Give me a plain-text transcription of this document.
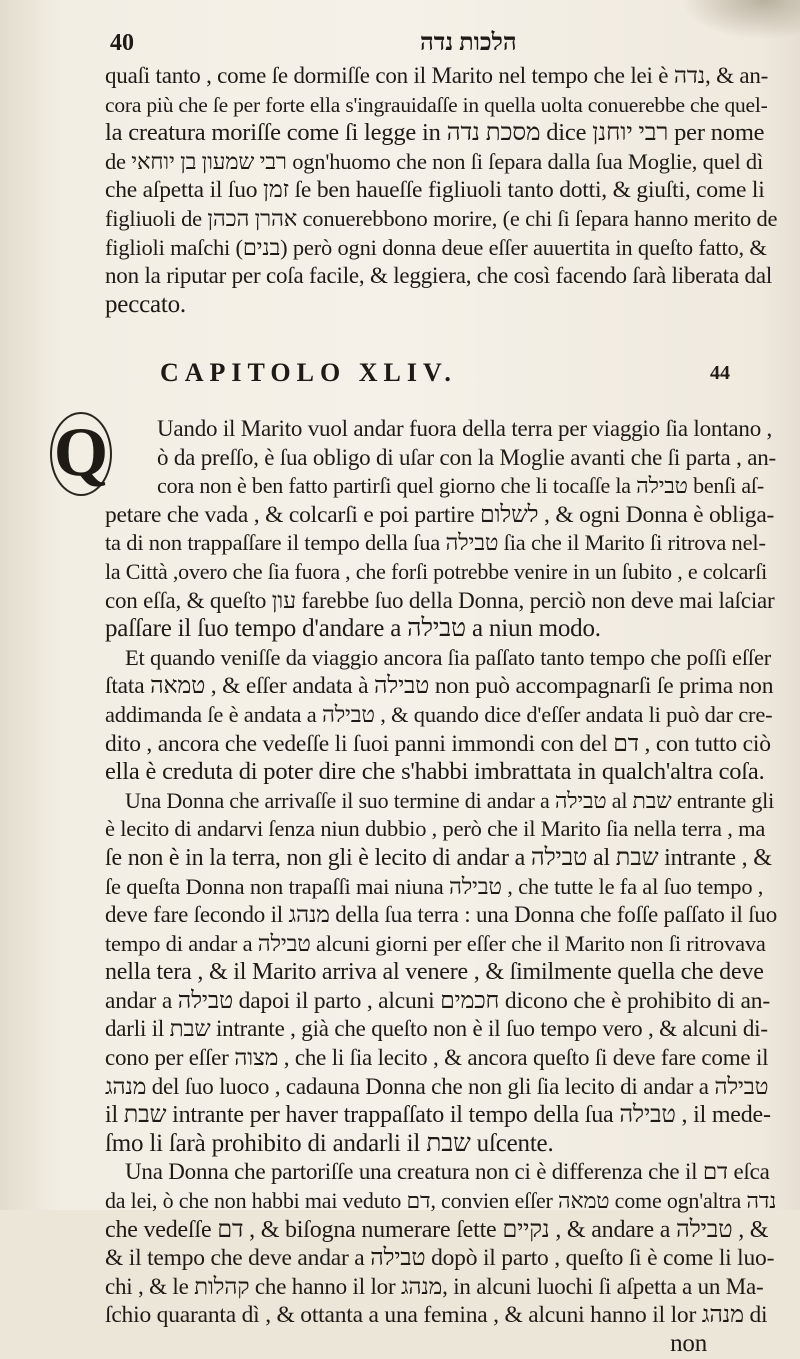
40	הלכות נדה
quaſi tanto , come ſe dormiſſe con il Marito nel tempo che lei è נדה, & an-
cora più che ſe per forte ella s'ingrauidaſſe in quella uolta conuerebbe che quel-
la creatura moriſſe come ſi legge in מסכת נדה dice רבי יוחנן per nome
de רבי שמעון בן יוחאי ogn'huomo che non ſi ſepara dalla ſua Moglie, quel dì
che aſpetta il ſuo זמן ſe ben haueſſe figliuoli tanto dotti, & giuſti, come li
figliuoli de אהרן הכהן conuerebbono morire, (e chi ſi ſepara hanno merito de
figlioli maſchi (בנים) però ogni donna deue eſſer auuertita in queſto fatto, &
non la riputar per coſa facile, & leggiera, che così facendo ſarà liberata dal
peccato.
CAPITOLO XLIV.	44
Q	Uando il Marito vuol andar fuora della terra per viaggio ſia lontano ,
ò da preſſo, è ſua obligo di uſar con la Moglie avanti che ſi parta , an-
cora non è ben fatto partirſi quel giorno che li tocaſſe la טבילה benſi aſ-
petare che vada , & colcarſi e poi partire לשלום , & ogni Donna è obliga-
ta di non trappaſſare il tempo della ſua טבילה ſia che il Marito ſi ritrova nel-
la Città ,overo che ſia fuora , che forſi potrebbe venire in un ſubito , e colcarſi
con eſſa, & queſto עון farebbe ſuo della Donna, perciò non deve mai laſciar
paſſare il ſuo tempo d'andare a טבילה a niun modo.
Et quando veniſſe da viaggio ancora ſia paſſato tanto tempo che poſſi eſſer
ſtata טמאה , & eſſer andata à טבילה non può accompagnarſi ſe prima non
addimanda ſe è andata a טבילה , & quando dice d'eſſer andata li può dar cre-
dito , ancora che vedeſſe li ſuoi panni immondi con del דם , con tutto ciò
ella è creduta di poter dire che s'habbi imbrattata in qualch'altra coſa.
Una Donna che arrivaſſe il suo termine di andar a טבילה al שבת entrante gli
è lecito di andarvi ſenza niun dubbio , però che il Marito ſia nella terra , ma
ſe non è in la terra, non gli è lecito di andar a טבילה al שבת intrante , &
ſe queſta Donna non trapaſſi mai niuna טבילה , che tutte le fa al ſuo tempo ,
deve fare ſecondo il מנהג della ſua terra : una Donna che foſſe paſſato il ſuo
tempo di andar a טבילה alcuni giorni per eſſer che il Marito non ſi ritrovava
nella tera , & il Marito arriva al venere , & ſimilmente quella che deve
andar a טבילה dapoi il parto , alcuni חכמים dicono che è prohibito di an-
darli il שבת intrante , già che queſto non è il ſuo tempo vero , & alcuni di-
cono per eſſer מצוה , che li ſia lecito , & ancora queſto ſi deve fare come il
מנהג del ſuo luoco , cadauna Donna che non gli ſia lecito di andar a טבילה
il שבת intrante per haver trappaſſato il tempo della ſua טבילה , il mede-
ſmo li ſarà prohibito di andarli il שבת uſcente.
Una Donna che partoriſſe una creatura non ci è differenza che il דם eſca
da lei, ò che non habbi mai veduto דם, convien eſſer טמאה come ogn'altra נדה
che vedeſſe דם , & biſogna numerare ſette נקיים , & andare a טבילה , &
& il tempo che deve andar a טבילה dopò il parto , queſto ſi è come li luo-
chi , & le קהלות che hanno il lor מנהג, in alcuni luochi ſi aſpetta a un Ma-
ſchio quaranta dì , & ottanta a una femina , & alcuni hanno il lor מנהג di
non
